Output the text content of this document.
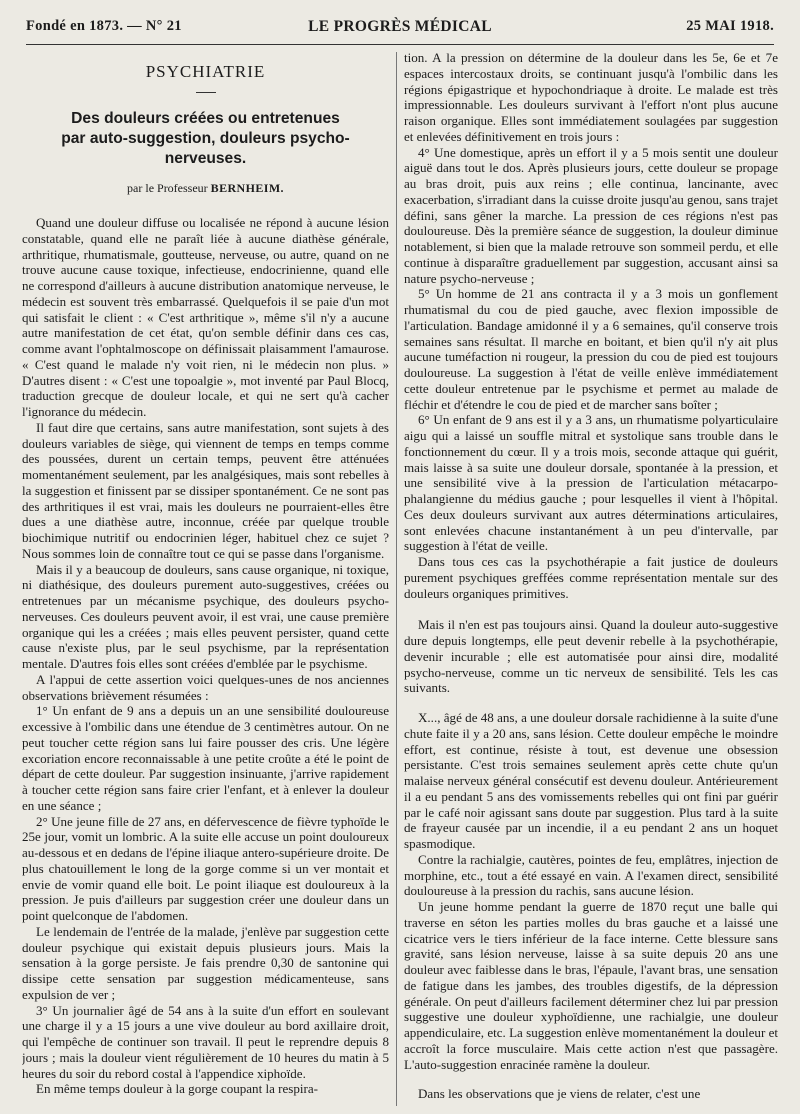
Fondé en 1873. — N° 21	LE PROGRÈS MÉDICAL	25 MAI 1918.
PSYCHIATRIE
Des douleurs créées ou entretenues
par auto-suggestion, douleurs psycho-nerveuses.
par le Professeur BERNHEIM.

Quand une douleur diffuse ou localisée ne répond à aucune lésion constatable, quand elle ne paraît liée à aucune diathèse générale, arthritique, rhumatismale, goutteuse, nerveuse, ou autre, quand on ne trouve aucune cause toxique, infectieuse, endocrinienne, quand elle ne correspond d'ailleurs à aucune distribution anatomique nerveuse, le médecin est souvent très embarrassé. Quelquefois il se paie d'un mot qui satisfait le client : « C'est arthritique », même s'il n'y a aucune autre manifestation de cet état, qu'on semble définir dans ces cas, comme avant l'ophtalmoscope on définissait plaisamment l'amaurose. « C'est quand le malade n'y voit rien, ni le médecin non plus. » D'autres disent : « C'est une topoalgie », mot inventé par Paul Blocq, traduction grecque de douleur locale, et qui ne sert qu'à cacher l'ignorance du médecin.

Il faut dire que certains, sans autre manifestation, sont sujets à des douleurs variables de siège, qui viennent de temps en temps comme des poussées, durent un certain temps, peuvent être atténuées momentanément seulement, par les analgésiques, mais sont rebelles à la suggestion et finissent par se dissiper spontanément. Ce ne sont pas des arthritiques il est vrai, mais les douleurs ne pourraient-elles être dues a une diathèse autre, inconnue, créée par quelque trouble biochimique nutritif ou endocrinien léger, habituel chez ce sujet ? Nous sommes loin de connaître tout ce qui se passe dans l'organisme.

Mais il y a beaucoup de douleurs, sans cause organique, ni toxique, ni diathésique, des douleurs purement auto-suggestives, créées ou entretenues par un mécanisme psychique, des douleurs psycho-nerveuses. Ces douleurs peuvent avoir, il est vrai, une cause première organique qui les a créées ; mais elles peuvent persister, quand cette cause n'existe plus, par le seul psychisme, par la représentation mentale. D'autres fois elles sont créées d'emblée par le psychisme.

A l'appui de cette assertion voici quelques-unes de nos anciennes observations brièvement résumées :

1° Un enfant de 9 ans a depuis un an une sensibilité douloureuse excessive à l'ombilic dans une étendue de 3 centimètres autour. On ne peut toucher cette région sans lui faire pousser des cris. Une légère excoriation encore reconnaissable à une petite croûte a été le point de départ de cette douleur. Par suggestion insinuante, j'arrive rapidement à toucher cette région sans faire crier l'enfant, et à enlever la douleur en une séance ;

2° Une jeune fille de 27 ans, en défervescence de fièvre typhoïde le 25e jour, vomit un lombric. A la suite elle accuse un point douloureux au-dessous et en dedans de l'épine iliaque antero-supérieure droite. De plus chatouillement le long de la gorge comme si un ver montait et envie de vomir quand elle boit. Le point iliaque est douloureux à la pression. Je puis d'ailleurs par suggestion créer une douleur dans un point quelconque de l'abdomen.

Le lendemain de l'entrée de la malade, j'enlève par suggestion cette douleur psychique qui existait depuis plusieurs jours. Mais la sensation à la gorge persiste. Je fais prendre 0,30 de santonine qui dissipe cette sensation par suggestion médicamenteuse, sans expulsion de ver ;

3° Un journalier âgé de 54 ans à la suite d'un effort en soulevant une charge il y a 15 jours a une vive douleur au bord axillaire droit, qui l'empêche de continuer son travail. Il peut le reprendre depuis 8 jours ; mais la douleur vient régulièrement de 10 heures du matin à 5 heures du soir du rebord costal à l'appendice xiphoïde.

En même temps douleur à la gorge coupant la respira-

tion. A la pression on détermine de la douleur dans les 5e, 6e et 7e espaces intercostaux droits, se continuant jusqu'à l'ombilic dans les régions épigastrique et hypochondriaque à droite. Le malade est très impressionnable. Les douleurs survivant à l'effort n'ont plus aucune raison organique. Elles sont immédiatement soulagées par suggestion et enlevées définitivement en trois jours :

4° Une domestique, après un effort il y a 5 mois sentit une douleur aiguë dans tout le dos. Après plusieurs jours, cette douleur se propage au bras droit, puis aux reins ; elle continua, lancinante, avec exacerbation, s'irradiant dans la cuisse droite jusqu'au genou, sans trajet défini, sans gêner la marche. La pression de ces régions n'est pas douloureuse. Dès la première séance de suggestion, la douleur diminue notablement, si bien que la malade retrouve son sommeil perdu, et elle continue à disparaître graduellement par suggestion, accusant ainsi sa nature psycho-nerveuse ;

5° Un homme de 21 ans contracta il y a 3 mois un gonflement rhumatismal du cou de pied gauche, avec flexion impossible de l'articulation. Bandage amidonné il y a 6 semaines, qu'il conserve trois semaines sans résultat. Il marche en boitant, et bien qu'il n'y ait plus aucune tuméfaction ni rougeur, la pression du cou de pied est toujours douloureuse. La suggestion à l'état de veille enlève immédiatement cette douleur entretenue par le psychisme et permet au malade de fléchir et d'étendre le cou de pied et de marcher sans boîter ;

6° Un enfant de 9 ans est il y a 3 ans, un rhumatisme polyarticulaire aigu qui a laissé un souffle mitral et systolique sans trouble dans le fonctionnement du cœur. Il y a trois mois, seconde attaque qui guérit, mais laisse à sa suite une douleur dorsale, spontanée à la pression, et une sensibilité vive à la pression de l'articulation métacarpo-phalangienne du médius gauche ; pour lesquelles il vient à l'hôpital. Ces deux douleurs survivant aux autres déterminations articulaires, sont enlevées chacune instantanément à un peu d'intervalle, par suggestion à l'état de veille.

Dans tous ces cas la psychothérapie a fait justice de douleurs purement psychiques greffées comme représentation mentale sur des douleurs organiques primitives.

Mais il n'en est pas toujours ainsi. Quand la douleur auto-suggestive dure depuis longtemps, elle peut devenir rebelle à la psychothérapie, devenir incurable ; elle est automatisée pour ainsi dire, modalité psycho-nerveuse, comme un tic nerveux de sensibilité. Tels les cas suivants.

X..., âgé de 48 ans, a une douleur dorsale rachidienne à la suite d'une chute faite il y a 20 ans, sans lésion. Cette douleur empêche le moindre effort, est continue, résiste à tout, est devenue une obsession persistante. C'est trois semaines seulement après cette chute qu'un malaise nerveux général consécutif est devenu douleur. Antérieurement il a eu pendant 5 ans des vomissements rebelles qui ont fini par guérir par le café noir agissant sans doute par suggestion. Plus tard à la suite de frayeur causée par un incendie, il a eu pendant 2 ans un hoquet spasmodique.

Contre la rachialgie, cautères, pointes de feu, emplâtres, injection de morphine, etc., tout a été essayé en vain. A l'examen direct, sensibilité douloureuse à la pression du rachis, sans aucune lésion.

Un jeune homme pendant la guerre de 1870 reçut une balle qui traverse en séton les parties molles du bras gauche et a laissé une cicatrice vers le tiers inférieur de la face interne. Cette blessure sans gravité, sans lésion nerveuse, laisse à sa suite depuis 20 ans une douleur avec faiblesse dans le bras, l'épaule, l'avant bras, une sensation de fatigue dans les jambes, des troubles digestifs, de la dépression générale. On peut d'ailleurs facilement déterminer chez lui par pression suggestive une douleur xyphoïdienne, une rachialgie, une douleur appendiculaire, etc. La suggestion enlève momentanément la douleur et accroît la force musculaire. Mais cette action n'est que passagère. L'auto-suggestion enracinée ramène la douleur.

Dans les observations que je viens de relater, c'est une
